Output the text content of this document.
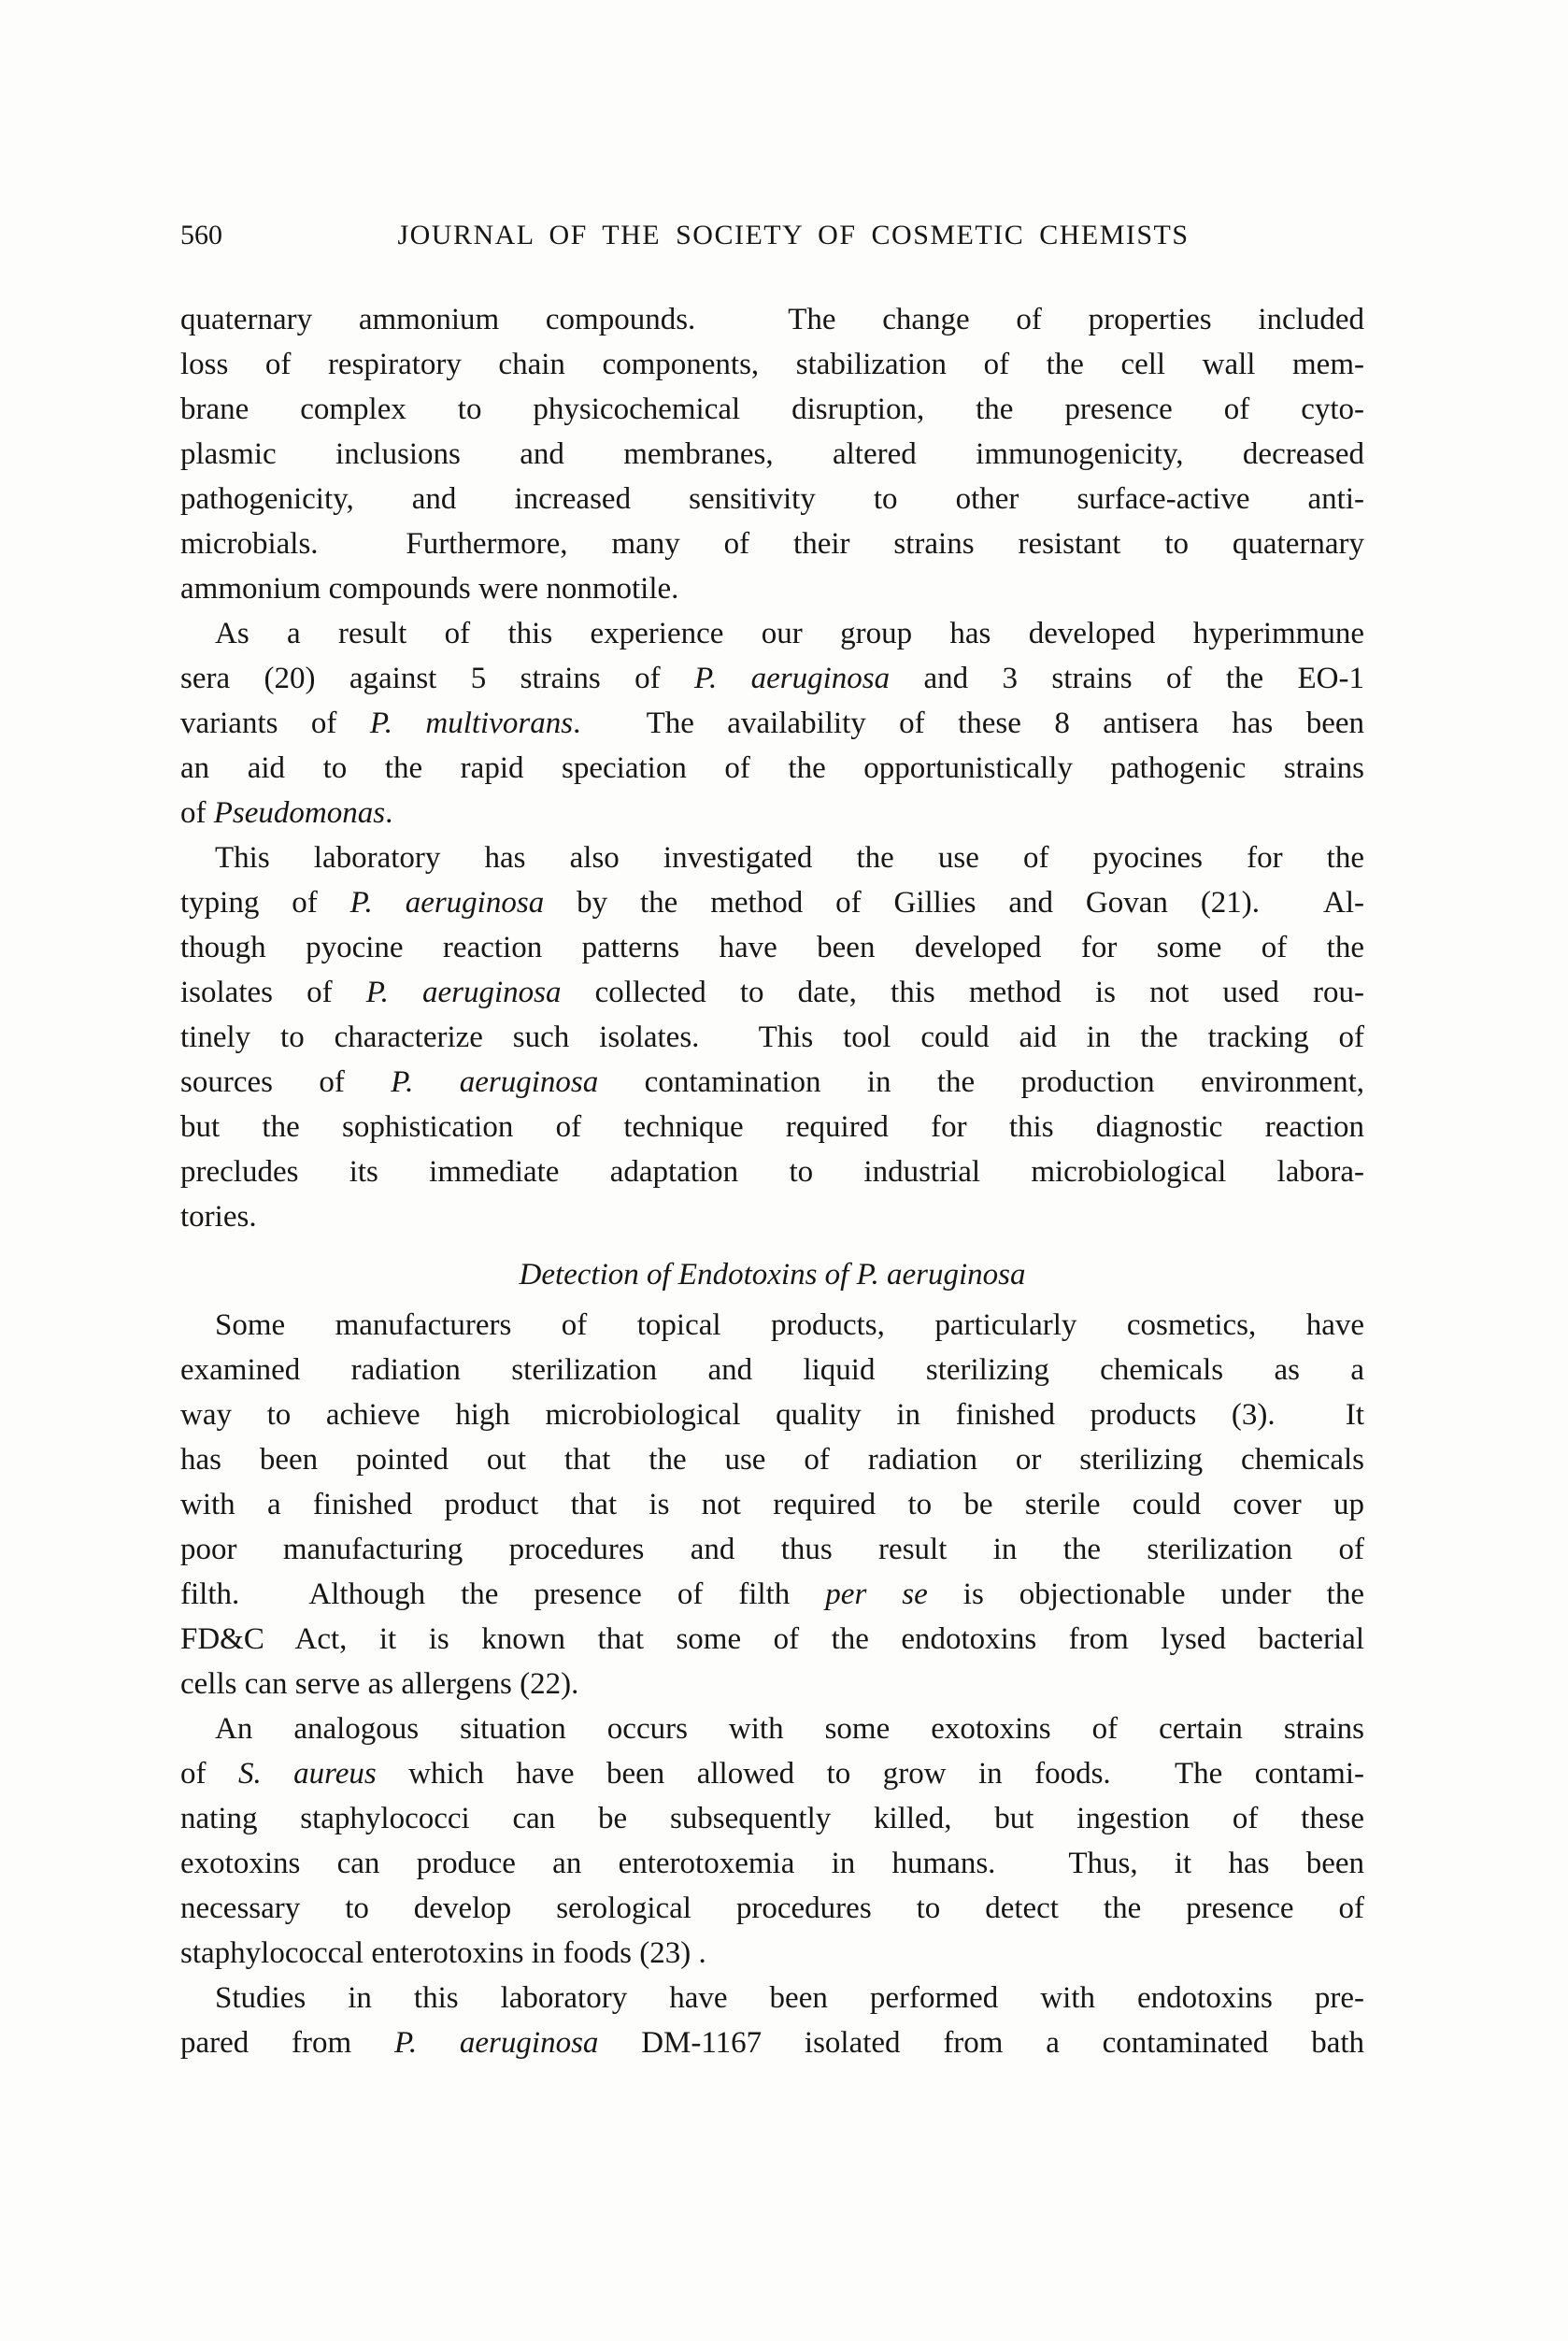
560	JOURNAL OF THE SOCIETY OF COSMETIC CHEMISTS
quaternary ammonium compounds.  The change of properties included
loss of respiratory chain components, stabilization of the cell wall mem-
brane complex to physicochemical disruption, the presence of cyto-
plasmic inclusions and membranes, altered immunogenicity, decreased
pathogenicity, and increased sensitivity to other surface-active anti-
microbials.  Furthermore, many of their strains resistant to quaternary
ammonium compounds were nonmotile.
As a result of this experience our group has developed hyperimmune
sera (20) against 5 strains of P. aeruginosa and 3 strains of the EO-1
variants of P. multivorans.  The availability of these 8 antisera has been
an aid to the rapid speciation of the opportunistically pathogenic strains
of Pseudomonas.
This laboratory has also investigated the use of pyocines for the
typing of P. aeruginosa by the method of Gillies and Govan (21).  Al-
though pyocine reaction patterns have been developed for some of the
isolates of P. aeruginosa collected to date, this method is not used rou-
tinely to characterize such isolates.  This tool could aid in the tracking of
sources of P. aeruginosa contamination in the production environment,
but the sophistication of technique required for this diagnostic reaction
precludes its immediate adaptation to industrial microbiological labora-
tories.
Detection of Endotoxins of P. aeruginosa
Some manufacturers of topical products, particularly cosmetics, have
examined radiation sterilization and liquid sterilizing chemicals as a
way to achieve high microbiological quality in finished products (3).  It
has been pointed out that the use of radiation or sterilizing chemicals
with a finished product that is not required to be sterile could cover up
poor manufacturing procedures and thus result in the sterilization of
filth.  Although the presence of filth per se is objectionable under the
FD&C Act, it is known that some of the endotoxins from lysed bacterial
cells can serve as allergens (22).
An analogous situation occurs with some exotoxins of certain strains
of S. aureus which have been allowed to grow in foods.  The contami-
nating staphylococci can be subsequently killed, but ingestion of these
exotoxins can produce an enterotoxemia in humans.  Thus, it has been
necessary to develop serological procedures to detect the presence of
staphylococcal enterotoxins in foods (23) .
Studies in this laboratory have been performed with endotoxins pre-
pared from P. aeruginosa DM-1167 isolated from a contaminated bath
